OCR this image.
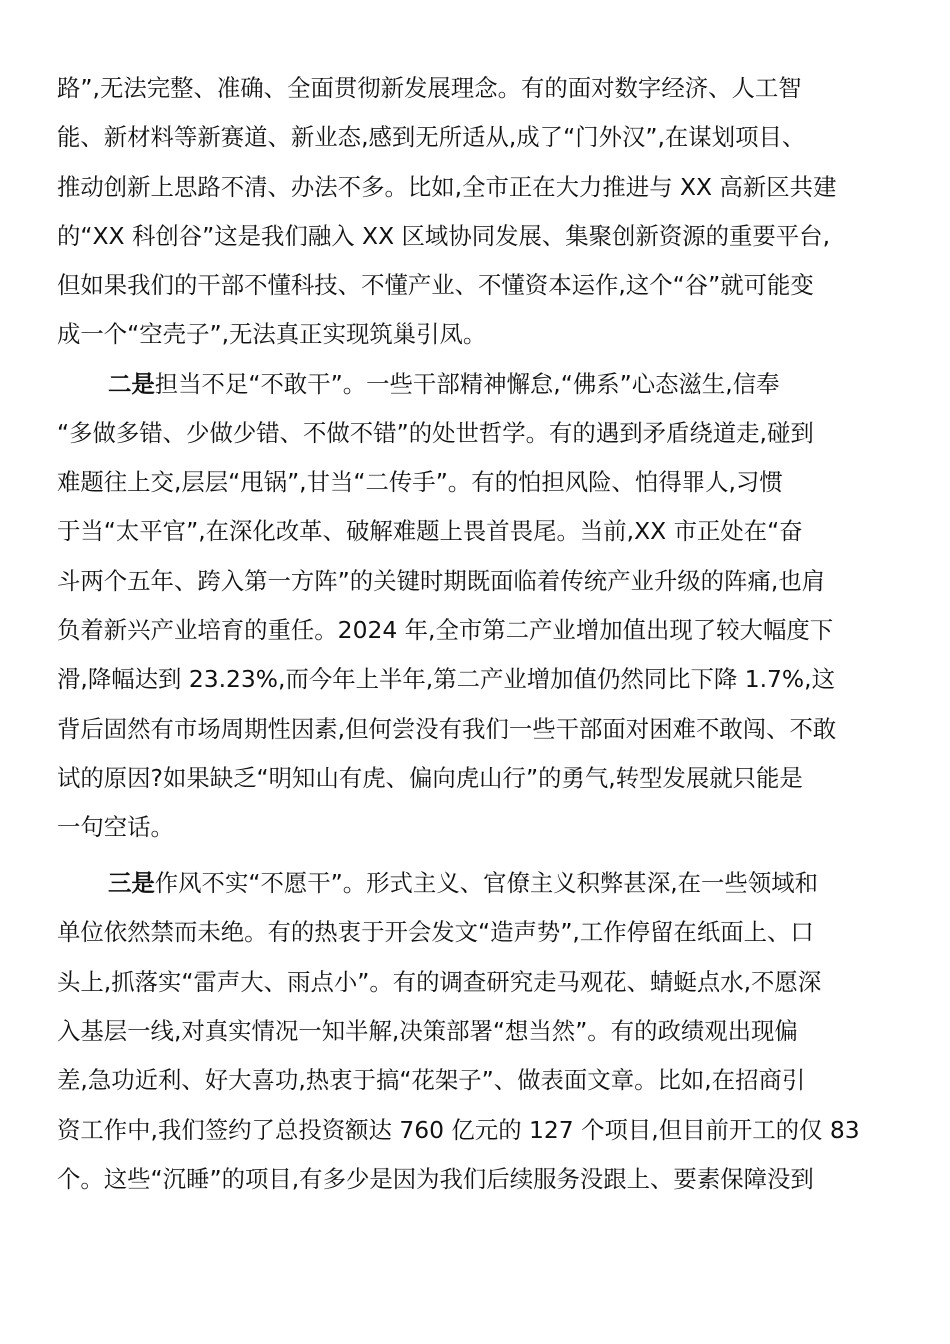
路”,无法完整、准确、全面贯彻新发展理念。有的面对数字经济、人工智
能、新材料等新赛道、新业态,感到无所适从,成了“门外汉”,在谋划项目、
推动创新上思路不清、办法不多。比如,全市正在大力推进与 XX 高新区共建
的“XX 科创谷”这是我们融入 XX 区域协同发展、集聚创新资源的重要平台,
但如果我们的干部不懂科技、不懂产业、不懂资本运作,这个“谷”就可能变
成一个“空壳子”,无法真正实现筑巢引凤。
二是担当不足“不敢干”。一些干部精神懈怠,“佛系”心态滋生,信奉
“多做多错、少做少错、不做不错”的处世哲学。有的遇到矛盾绕道走,碰到
难题往上交,层层“甩锅”,甘当“二传手”。有的怕担风险、怕得罪人,习惯
于当“太平官”,在深化改革、破解难题上畏首畏尾。当前,XX 市正处在“奋
斗两个五年、跨入第一方阵”的关键时期既面临着传统产业升级的阵痛,也肩
负着新兴产业培育的重任。2024 年,全市第二产业增加值出现了较大幅度下
滑,降幅达到 23.23%,而今年上半年,第二产业增加值仍然同比下降 1.7%,这
背后固然有市场周期性因素,但何尝没有我们一些干部面对困难不敢闯、不敢
试的原因?如果缺乏“明知山有虎、偏向虎山行”的勇气,转型发展就只能是
一句空话。
三是作风不实“不愿干”。形式主义、官僚主义积弊甚深,在一些领域和
单位依然禁而未绝。有的热衷于开会发文“造声势”,工作停留在纸面上、口
头上,抓落实“雷声大、雨点小”。有的调查研究走马观花、蜻蜓点水,不愿深
入基层一线,对真实情况一知半解,决策部署“想当然”。有的政绩观出现偏
差,急功近利、好大喜功,热衷于搞“花架子”、做表面文章。比如,在招商引
资工作中,我们签约了总投资额达 760 亿元的 127 个项目,但目前开工的仅 83
个。这些“沉睡”的项目,有多少是因为我们后续服务没跟上、要素保障没到
